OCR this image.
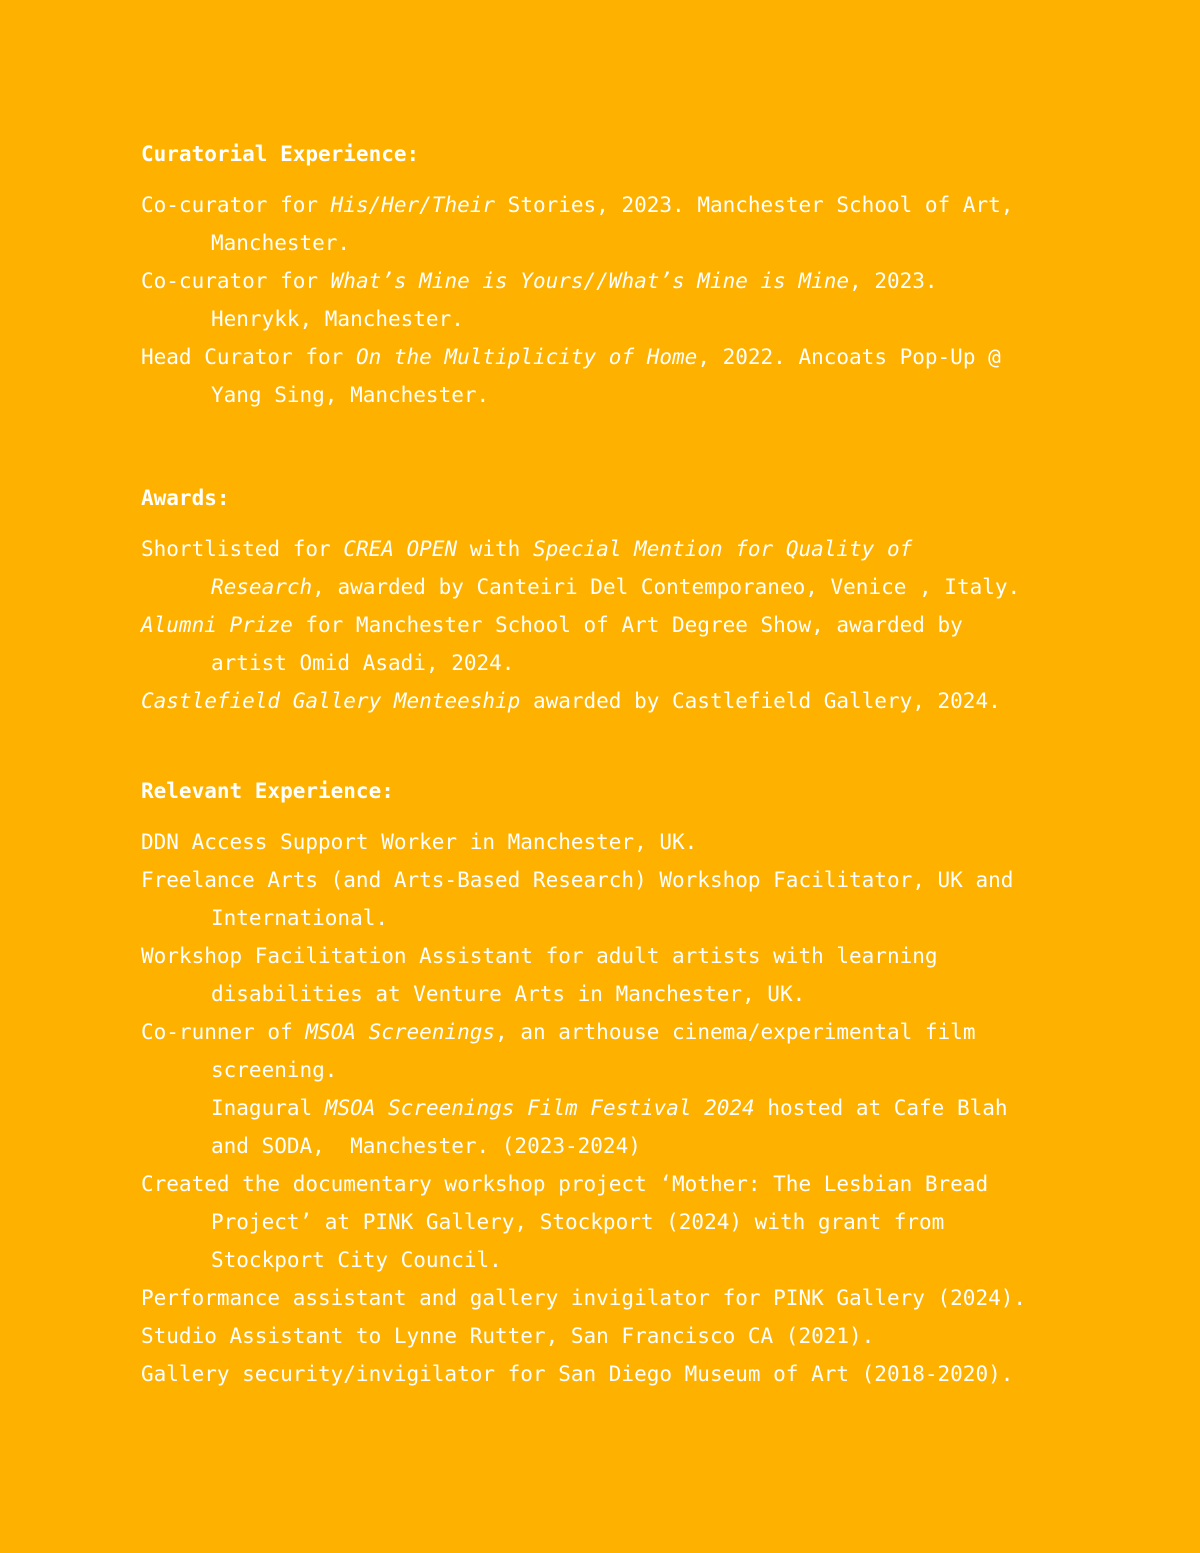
Curatorial Experience:
Co-curator for His/Her/Their Stories, 2023. Manchester School of Art,
Manchester.
Co-curator for What’s Mine is Yours//What’s Mine is Mine, 2023.
Henrykk, Manchester.
Head Curator for On the Multiplicity of Home, 2022. Ancoats Pop-Up @
Yang Sing, Manchester.
Awards:
Shortlisted for CREA OPEN with Special Mention for Quality of
Research, awarded by Canteiri Del Contemporaneo, Venice , Italy.
Alumni Prize for Manchester School of Art Degree Show, awarded by
artist Omid Asadi, 2024.
Castlefield Gallery Menteeship awarded by Castlefield Gallery, 2024.
Relevant Experience:
DDN Access Support Worker in Manchester, UK.
Freelance Arts (and Arts-Based Research) Workshop Facilitator, UK and
International.
Workshop Facilitation Assistant for adult artists with learning
disabilities at Venture Arts in Manchester, UK.
Co-runner of MSOA Screenings, an arthouse cinema/experimental film
screening.
Inagural MSOA Screenings Film Festival 2024 hosted at Cafe Blah
and SODA,  Manchester. (2023-2024)
Created the documentary workshop project ‘Mother: The Lesbian Bread
Project’ at PINK Gallery, Stockport (2024) with grant from
Stockport City Council.
Performance assistant and gallery invigilator for PINK Gallery (2024).
Studio Assistant to Lynne Rutter, San Francisco CA (2021).
Gallery security/invigilator for San Diego Museum of Art (2018-2020).
